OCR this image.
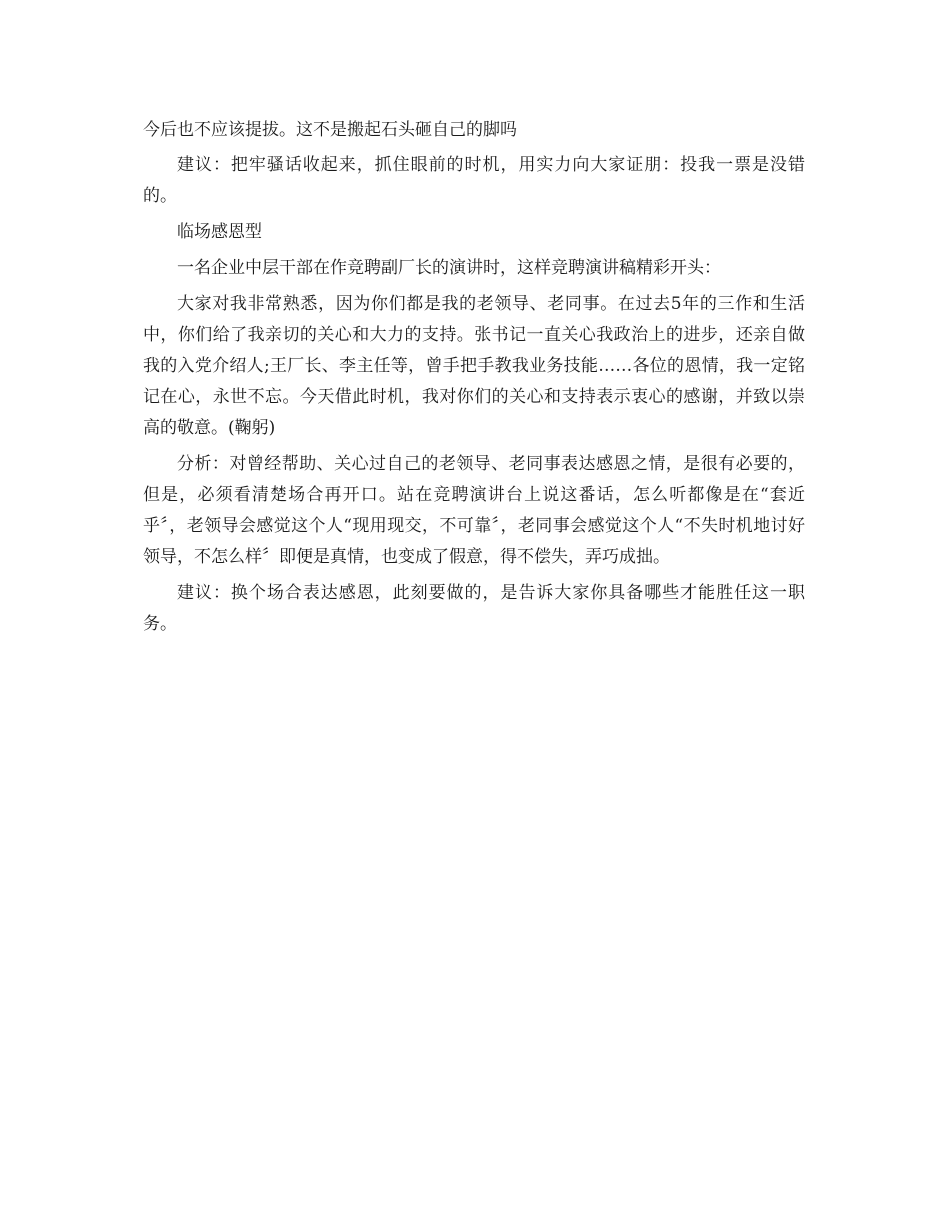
今后也不应该提拔。这不是搬起石头砸自己的脚吗

建议：把牢骚话收起来，抓住眼前的时机，用实力向大家证朋：投我一票是没错的。

临场感恩型

一名企业中层干部在作竞聘副厂长的演讲时，这样竞聘演讲稿精彩开头：

大家对我非常熟悉，因为你们都是我的老领导、老同事。在过去5年的三作和生活中，你们给了我亲切的关心和大力的支持。张书记一直关心我政治上的进步，还亲自做我的入党介绍人;王厂长、李主任等，曾手把手教我业务技能……各位的恩情，我一定铭记在心，永世不忘。今天借此时机，我对你们的关心和支持表示衷心的感谢，并致以崇高的敬意。(鞠躬)

分析：对曾经帮助、关心过自己的老领导、老同事表达感恩之情，是很有必要的，但是，必须看清楚场合再开口。站在竞聘演讲台上说这番话，怎么听都像是在“套近乎〞，老领导会感觉这个人“现用现交，不可靠〞，老同事会感觉这个人“不失时机地讨好领导，不怎么样〞即便是真情，也变成了假意，得不偿失，弄巧成拙。

建议：换个场合表达感恩，此刻要做的，是告诉大家你具备哪些才能胜任这一职务。
